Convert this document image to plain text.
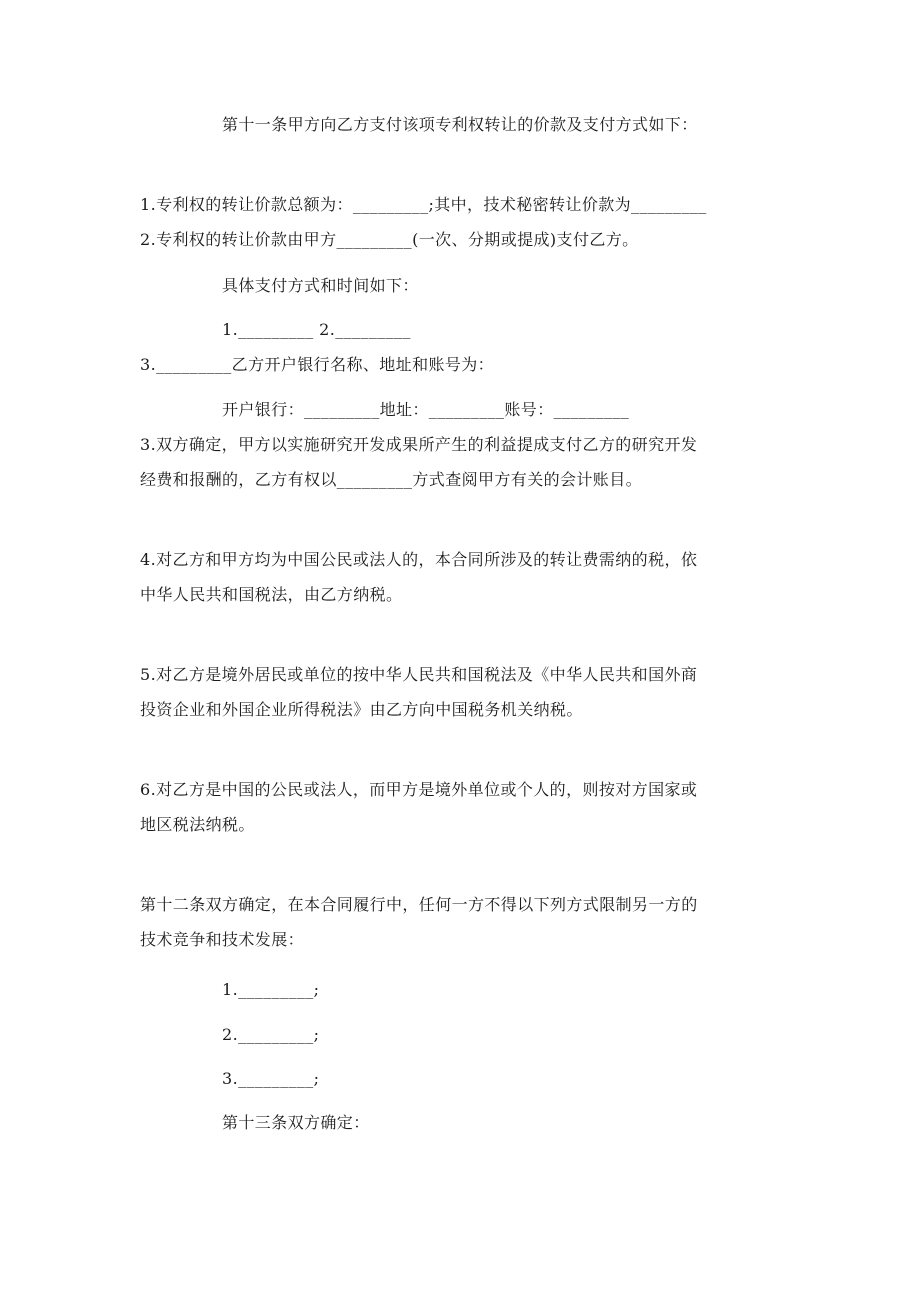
第十一条甲方向乙方支付该项专利权转让的价款及支付方式如下：
1.专利权的转让价款总额为：_________;其中，技术秘密转让价款为_________
2.专利权的转让价款由甲方_________(一次、分期或提成)支付乙方。
具体支付方式和时间如下：
1._________ 2._________
3._________乙方开户银行名称、地址和账号为：
开户银行：_________地址：_________账号：_________
3.双方确定，甲方以实施研究开发成果所产生的利益提成支付乙方的研究开发
经费和报酬的，乙方有权以_________方式查阅甲方有关的会计账目。
4.对乙方和甲方均为中国公民或法人的，本合同所涉及的转让费需纳的税，依
中华人民共和国税法，由乙方纳税。
5.对乙方是境外居民或单位的按中华人民共和国税法及《中华人民共和国外商
投资企业和外国企业所得税法》由乙方向中国税务机关纳税。
6.对乙方是中国的公民或法人，而甲方是境外单位或个人的，则按对方国家或
地区税法纳税。
第十二条双方确定，在本合同履行中，任何一方不得以下列方式限制另一方的
技术竞争和技术发展：
1._________;
2._________;
3._________;
第十三条双方确定：
